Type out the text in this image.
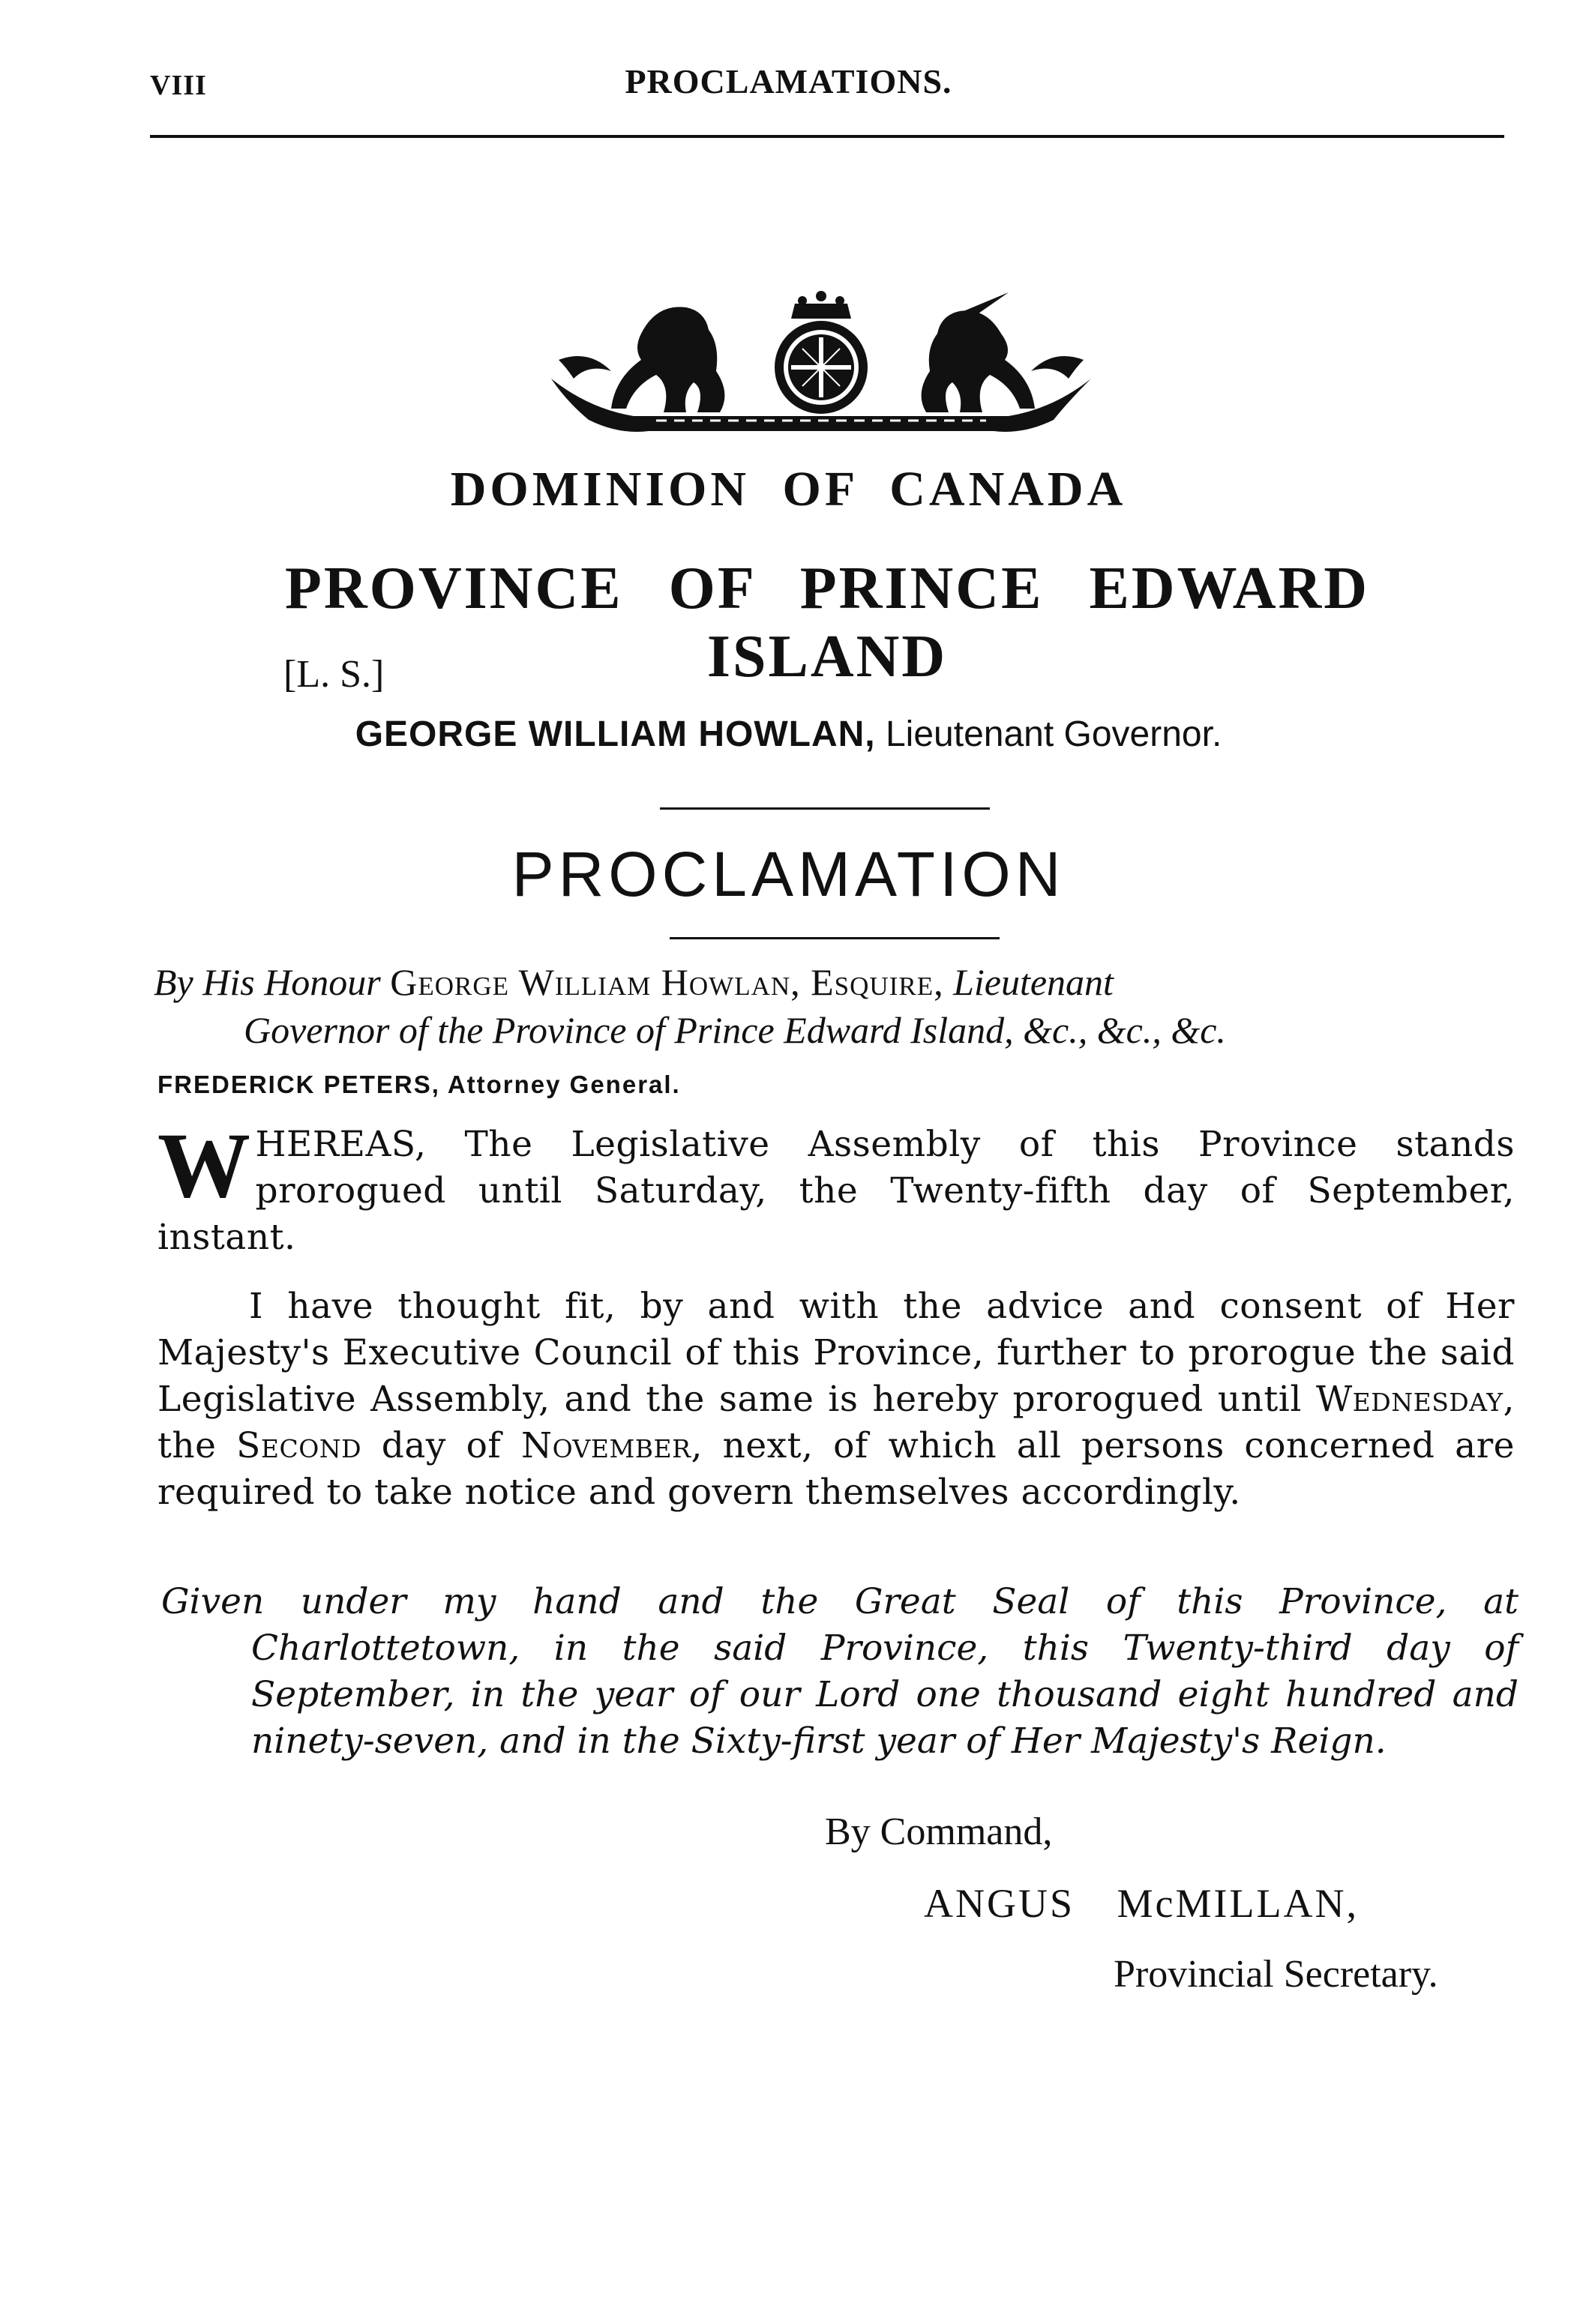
VIII	PROCLAMATIONS.
DOMINION OF CANADA
PROVINCE OF PRINCE EDWARD ISLAND
[L. S.]
GEORGE WILLIAM HOWLAN, Lieutenant Governor.
PROCLAMATION
By His Honour George William Howlan, Esquire, Lieutenant
Governor of the Province of Prince Edward Island, &c., &c., &c.
FREDERICK PETERS, Attorney General.
WHEREAS, The Legislative Assembly of this Province stands prorogued until Saturday, the Twenty-fifth day of September, instant.
I have thought fit, by and with the advice and consent of Her Majesty's Executive Council of this Province, further to prorogue the said Legislative Assembly, and the same is hereby prorogued until Wednesday, the Second day of November, next, of which all persons concerned are required to take notice and govern themselves accordingly.
Given under my hand and the Great Seal of this Province, at Charlottetown, in the said Province, this Twenty-third day of September, in the year of our Lord one thousand eight hundred and ninety-seven, and in the Sixty-first year of Her Majesty's Reign.
By Command,
ANGUS McMILLAN,
Provincial Secretary.
